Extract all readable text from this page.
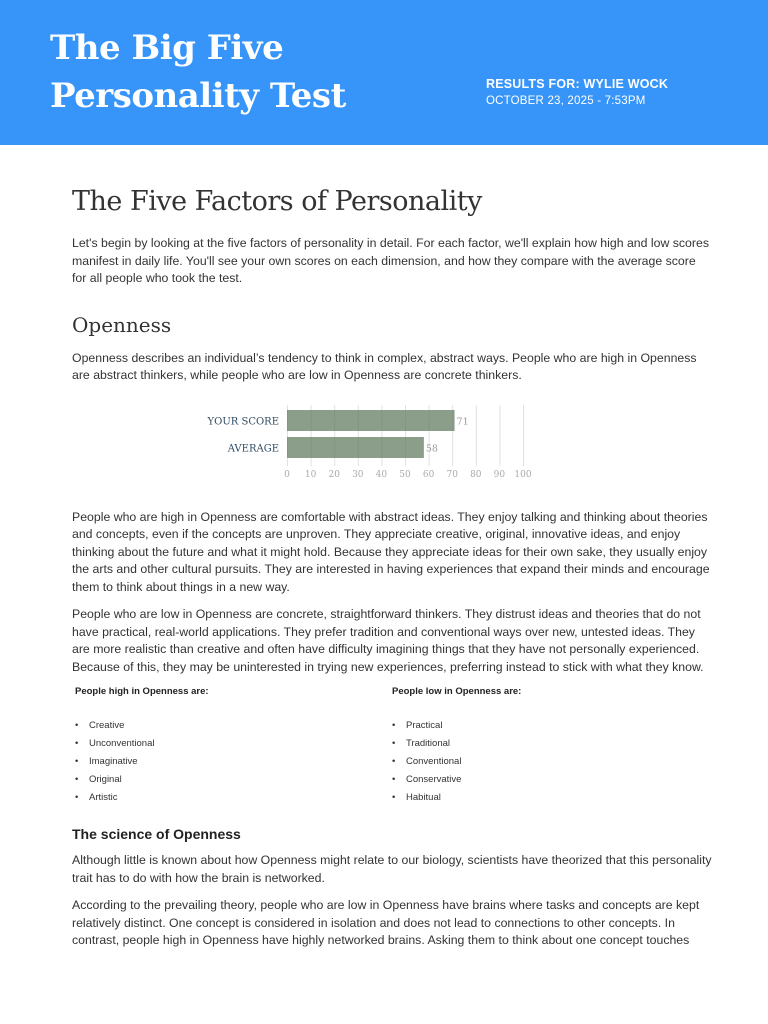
The Big Five Personality Test	RESULTS FOR: WYLIE WOCK
OCTOBER 23, 2025 - 7:53PM
The Five Factors of Personality

Let's begin by looking at the five factors of personality in detail. For each factor, we'll explain how high and low scores manifest in daily life. You'll see your own scores on each dimension, and how they compare with the average score for all people who took the test.

Openness

Openness describes an individual’s tendency to think in complex, abstract ways. People who are high in Openness are abstract thinkers, while people who are low in Openness are concrete thinkers.

YOUR SCORE	71
AVERAGE	58
0 10 20 30 40 50 60 70 80 90 100

People who are high in Openness are comfortable with abstract ideas. They enjoy talking and thinking about theories and concepts, even if the concepts are unproven. They appreciate creative, original, innovative ideas, and enjoy thinking about the future and what it might hold. Because they appreciate ideas for their own sake, they usually enjoy the arts and other cultural pursuits. They are interested in having experiences that expand their minds and encourage them to think about things in a new way.

People who are low in Openness are concrete, straightforward thinkers. They distrust ideas and theories that do not have practical, real-world applications. They prefer tradition and conventional ways over new, untested ideas. They are more realistic than creative and often have difficulty imagining things that they have not personally experienced. Because of this, they may be uninterested in trying new experiences, preferring instead to stick with what they know.

People high in Openness are:
• Creative
• Unconventional
• Imaginative
• Original
• Artistic
People low in Openness are:
• Practical
• Traditional
• Conventional
• Conservative
• Habitual
The science of Openness

Although little is known about how Openness might relate to our biology, scientists have theorized that this personality trait has to do with how the brain is networked.

According to the prevailing theory, people who are low in Openness have brains where tasks and concepts are kept relatively distinct. One concept is considered in isolation and does not lead to connections to other concepts. In contrast, people high in Openness have highly networked brains. Asking them to think about one concept touches
